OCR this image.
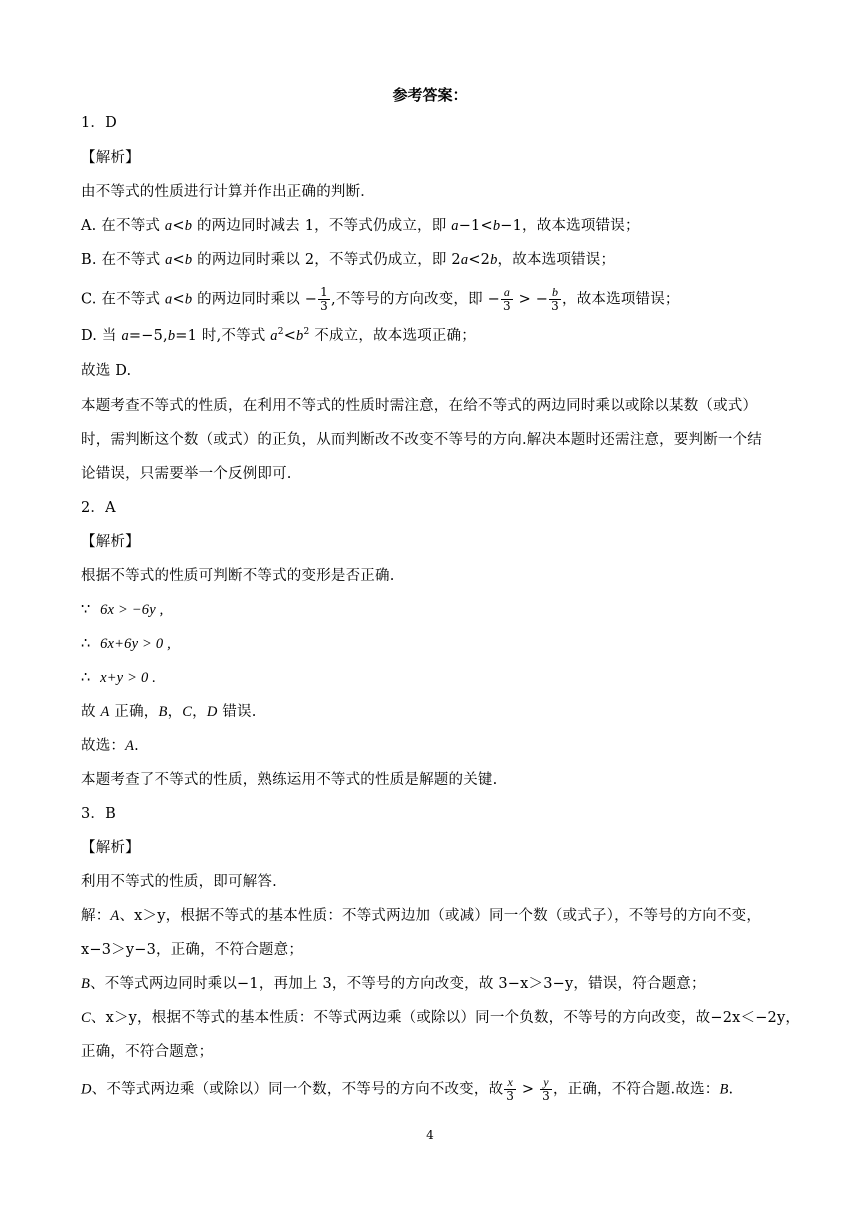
参考答案：
1．D
【解析】
由不等式的性质进行计算并作出正确的判断．
A. 在不等式 a<b 的两边同时减去 1，不等式仍成立，即 a−1<b−1，故本选项错误；
B. 在不等式 a<b 的两边同时乘以 2，不等式仍成立，即 2a<2b，故本选项错误；
C. 在不等式 a<b 的两边同时乘以 − $\frac{1}{3}$ ,不等号的方向改变，即 − $\frac{a}{3}$ > − $\frac{b}{3}$ ，故本选项错误；
D. 当 a=−5,b=1 时,不等式 $a^2<b^2$ 不成立，故本选项正确；
故选 D.
本题考查不等式的性质，在利用不等式的性质时需注意，在给不等式的两边同时乘以或除以某数（或式）
时，需判断这个数（或式）的正负，从而判断改不改变不等号的方向.解决本题时还需注意，要判断一个结
论错误，只需要举一个反例即可.
2．A
【解析】
根据不等式的性质可判断不等式的变形是否正确.
∵ 6x > −6y ,
∴ 6x+6y > 0 ,
∴ x+y > 0 .
故 A 正确，B，C，D 错误.
故选：A.
本题考查了不等式的性质，熟练运用不等式的性质是解题的关键.
3．B
【解析】
利用不等式的性质，即可解答.
解：A、x＞y，根据不等式的基本性质：不等式两边加（或减）同一个数（或式子），不等号的方向不变，
x−3＞y−3，正确，不符合题意；
B、不等式两边同时乘以−1，再加上 3，不等号的方向改变，故 3−x＞3−y，错误，符合题意；
C、x＞y，根据不等式的基本性质：不等式两边乘（或除以）同一个负数，不等号的方向改变，故−2x＜−2y，
正确，不符合题意；
D、不等式两边乘（或除以）同一个数，不等号的方向不改变，故 $\frac{x}{3} > \frac{y}{3}$ ，正确，不符合题.故选：B.
4
